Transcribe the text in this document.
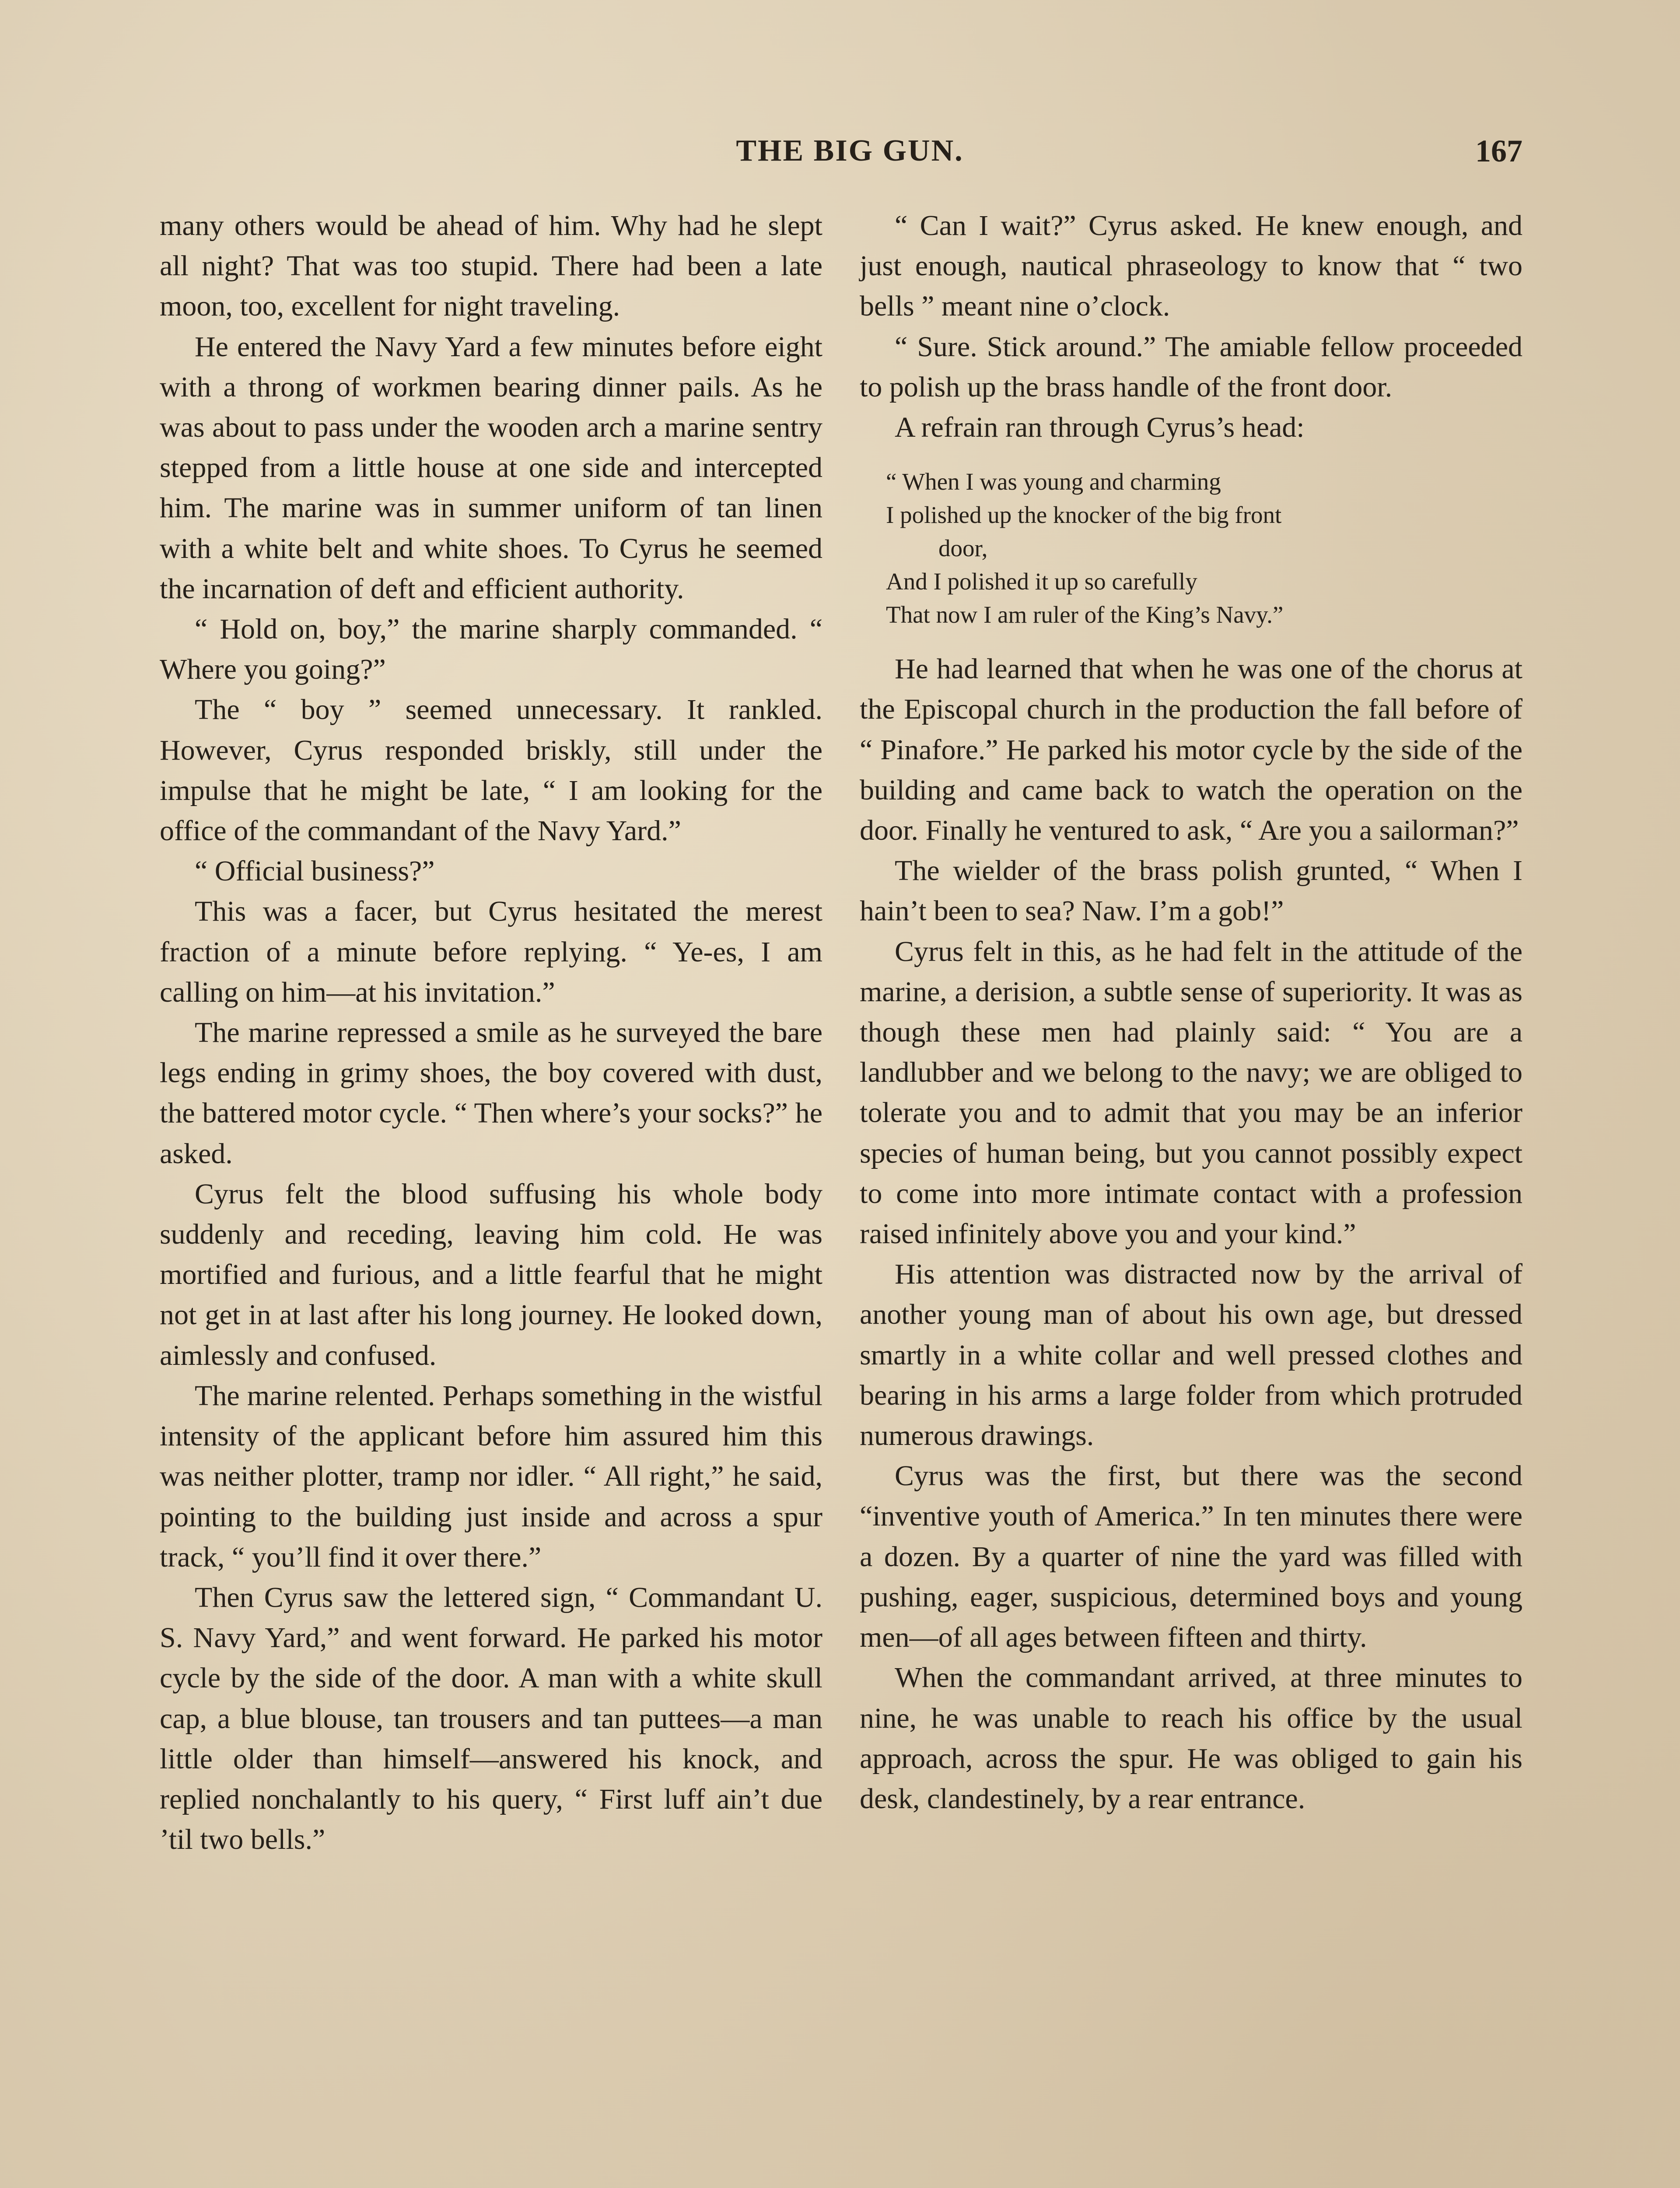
THE BIG GUN.	167

many others would be ahead of him. Why had he slept all night? That was too stupid. There had been a late moon, too, excellent for night traveling.

He entered the Navy Yard a few minutes before eight with a throng of workmen bearing dinner pails. As he was about to pass under the wooden arch a marine sentry stepped from a little house at one side and intercepted him. The marine was in summer uniform of tan linen with a white belt and white shoes. To Cyrus he seemed the incarnation of deft and efficient authority.

“ Hold on, boy,” the marine sharply commanded. “ Where you going?”

The “ boy ” seemed unnecessary. It rankled. However, Cyrus responded briskly, still under the impulse that he might be late, “ I am looking for the office of the commandant of the Navy Yard.”

“ Official business?”

This was a facer, but Cyrus hesitated the merest fraction of a minute before replying. “ Ye-es, I am calling on him—at his invitation.”

The marine repressed a smile as he surveyed the bare legs ending in grimy shoes, the boy covered with dust, the battered motor cycle. “ Then where’s your socks?” he asked.

Cyrus felt the blood suffusing his whole body suddenly and receding, leaving him cold. He was mortified and furious, and a little fearful that he might not get in at last after his long journey. He looked down, aimlessly and confused.

The marine relented. Perhaps something in the wistful intensity of the applicant before him assured him this was neither plotter, tramp nor idler. “ All right,” he said, pointing to the building just inside and across a spur track, “ you’ll find it over there.”

Then Cyrus saw the lettered sign, “ Commandant U. S. Navy Yard,” and went forward. He parked his motor cycle by the side of the door. A man with a white skull cap, a blue blouse, tan trousers and tan puttees—a man little older than himself—answered his knock, and replied nonchalantly to his query, “ First luff ain’t due ’til two bells.”

“ Can I wait?” Cyrus asked. He knew enough, and just enough, nautical phraseology to know that “ two bells ” meant nine o’clock.

“ Sure. Stick around.” The amiable fellow proceeded to polish up the brass handle of the front door.

A refrain ran through Cyrus’s head:

“ When I was young and charming
I polished up the knocker of the big front
door,
And I polished it up so carefully
That now I am ruler of the King’s Navy.”

He had learned that when he was one of the chorus at the Episcopal church in the production the fall before of “ Pinafore.” He parked his motor cycle by the side of the building and came back to watch the operation on the door. Finally he ventured to ask, “ Are you a sailorman?”

The wielder of the brass polish grunted, “ When I hain’t been to sea? Naw. I’m a gob!”

Cyrus felt in this, as he had felt in the attitude of the marine, a derision, a subtle sense of superiority. It was as though these men had plainly said: “ You are a landlubber and we belong to the navy; we are obliged to tolerate you and to admit that you may be an inferior species of human being, but you cannot possibly expect to come into more intimate contact with a profession raised infinitely above you and your kind.”

His attention was distracted now by the arrival of another young man of about his own age, but dressed smartly in a white collar and well pressed clothes and bearing in his arms a large folder from which protruded numerous drawings.

Cyrus was the first, but there was the second “inventive youth of America.” In ten minutes there were a dozen. By a quarter of nine the yard was filled with pushing, eager, suspicious, determined boys and young men—of all ages between fifteen and thirty.

When the commandant arrived, at three minutes to nine, he was unable to reach his office by the usual approach, across the spur. He was obliged to gain his desk, clandestinely, by a rear entrance.
